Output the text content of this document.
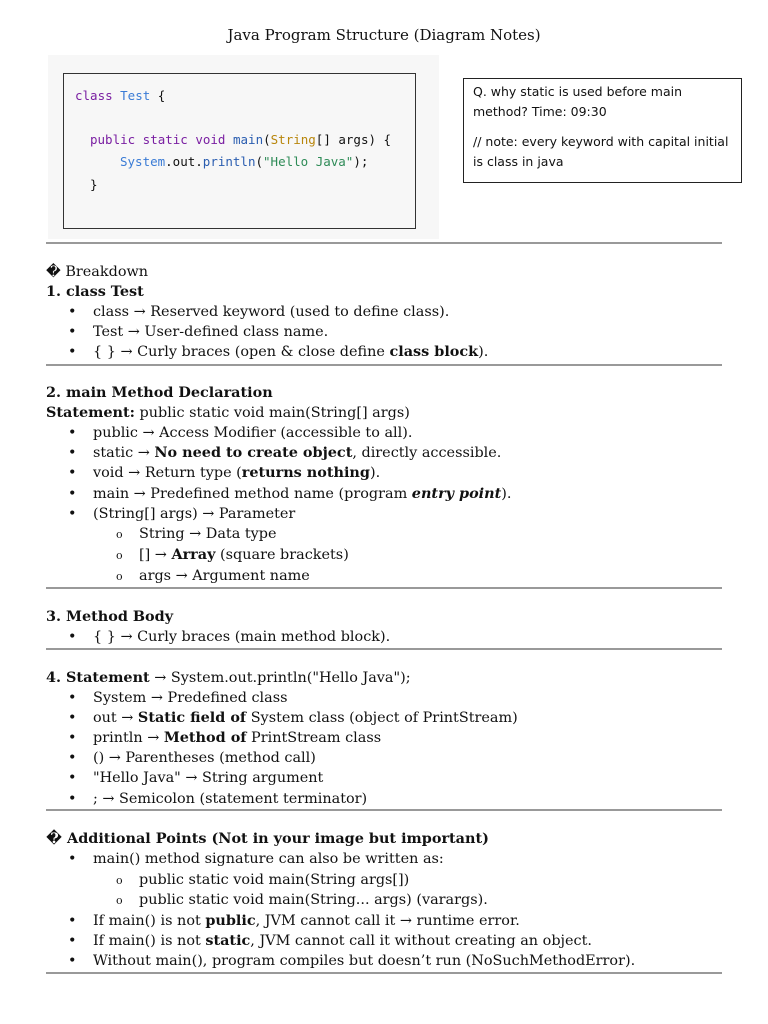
Java Program Structure (Diagram Notes)
class Test {
public static void main(String[] args) {
System.out.println("Hello Java");
}

Q. why static is used before main

method? Time: 09:30

// note: every keyword with capital initial

is class in java

� Breakdown
1. class Test
• class → Reserved keyword (used to define class).
• Test → User-defined class name.
• { } → Curly braces (open & close define class block).
2. main Method Declaration
Statement: public static void main(String[] args)
• public → Access Modifier (accessible to all).
• static → No need to create object, directly accessible.
• void → Return type (returns nothing).
• main → Predefined method name (program entry point).
• (String[] args) → Parameter
o String → Data type
o [] → Array (square brackets)
o args → Argument name
3. Method Body
• { } → Curly braces (main method block).
4. Statement → System.out.println("Hello Java");
• System → Predefined class
• out → Static field of System class (object of PrintStream)
• println → Method of PrintStream class
• () → Parentheses (method call)
• "Hello Java" → String argument
• ; → Semicolon (statement terminator)
� Additional Points (Not in your image but important)
• main() method signature can also be written as:
o public static void main(String args[])
o public static void main(String... args) (varargs).
• If main() is not public, JVM cannot call it → runtime error.
• If main() is not static, JVM cannot call it without creating an object.
• Without main(), program compiles but doesn’t run (NoSuchMethodError).
